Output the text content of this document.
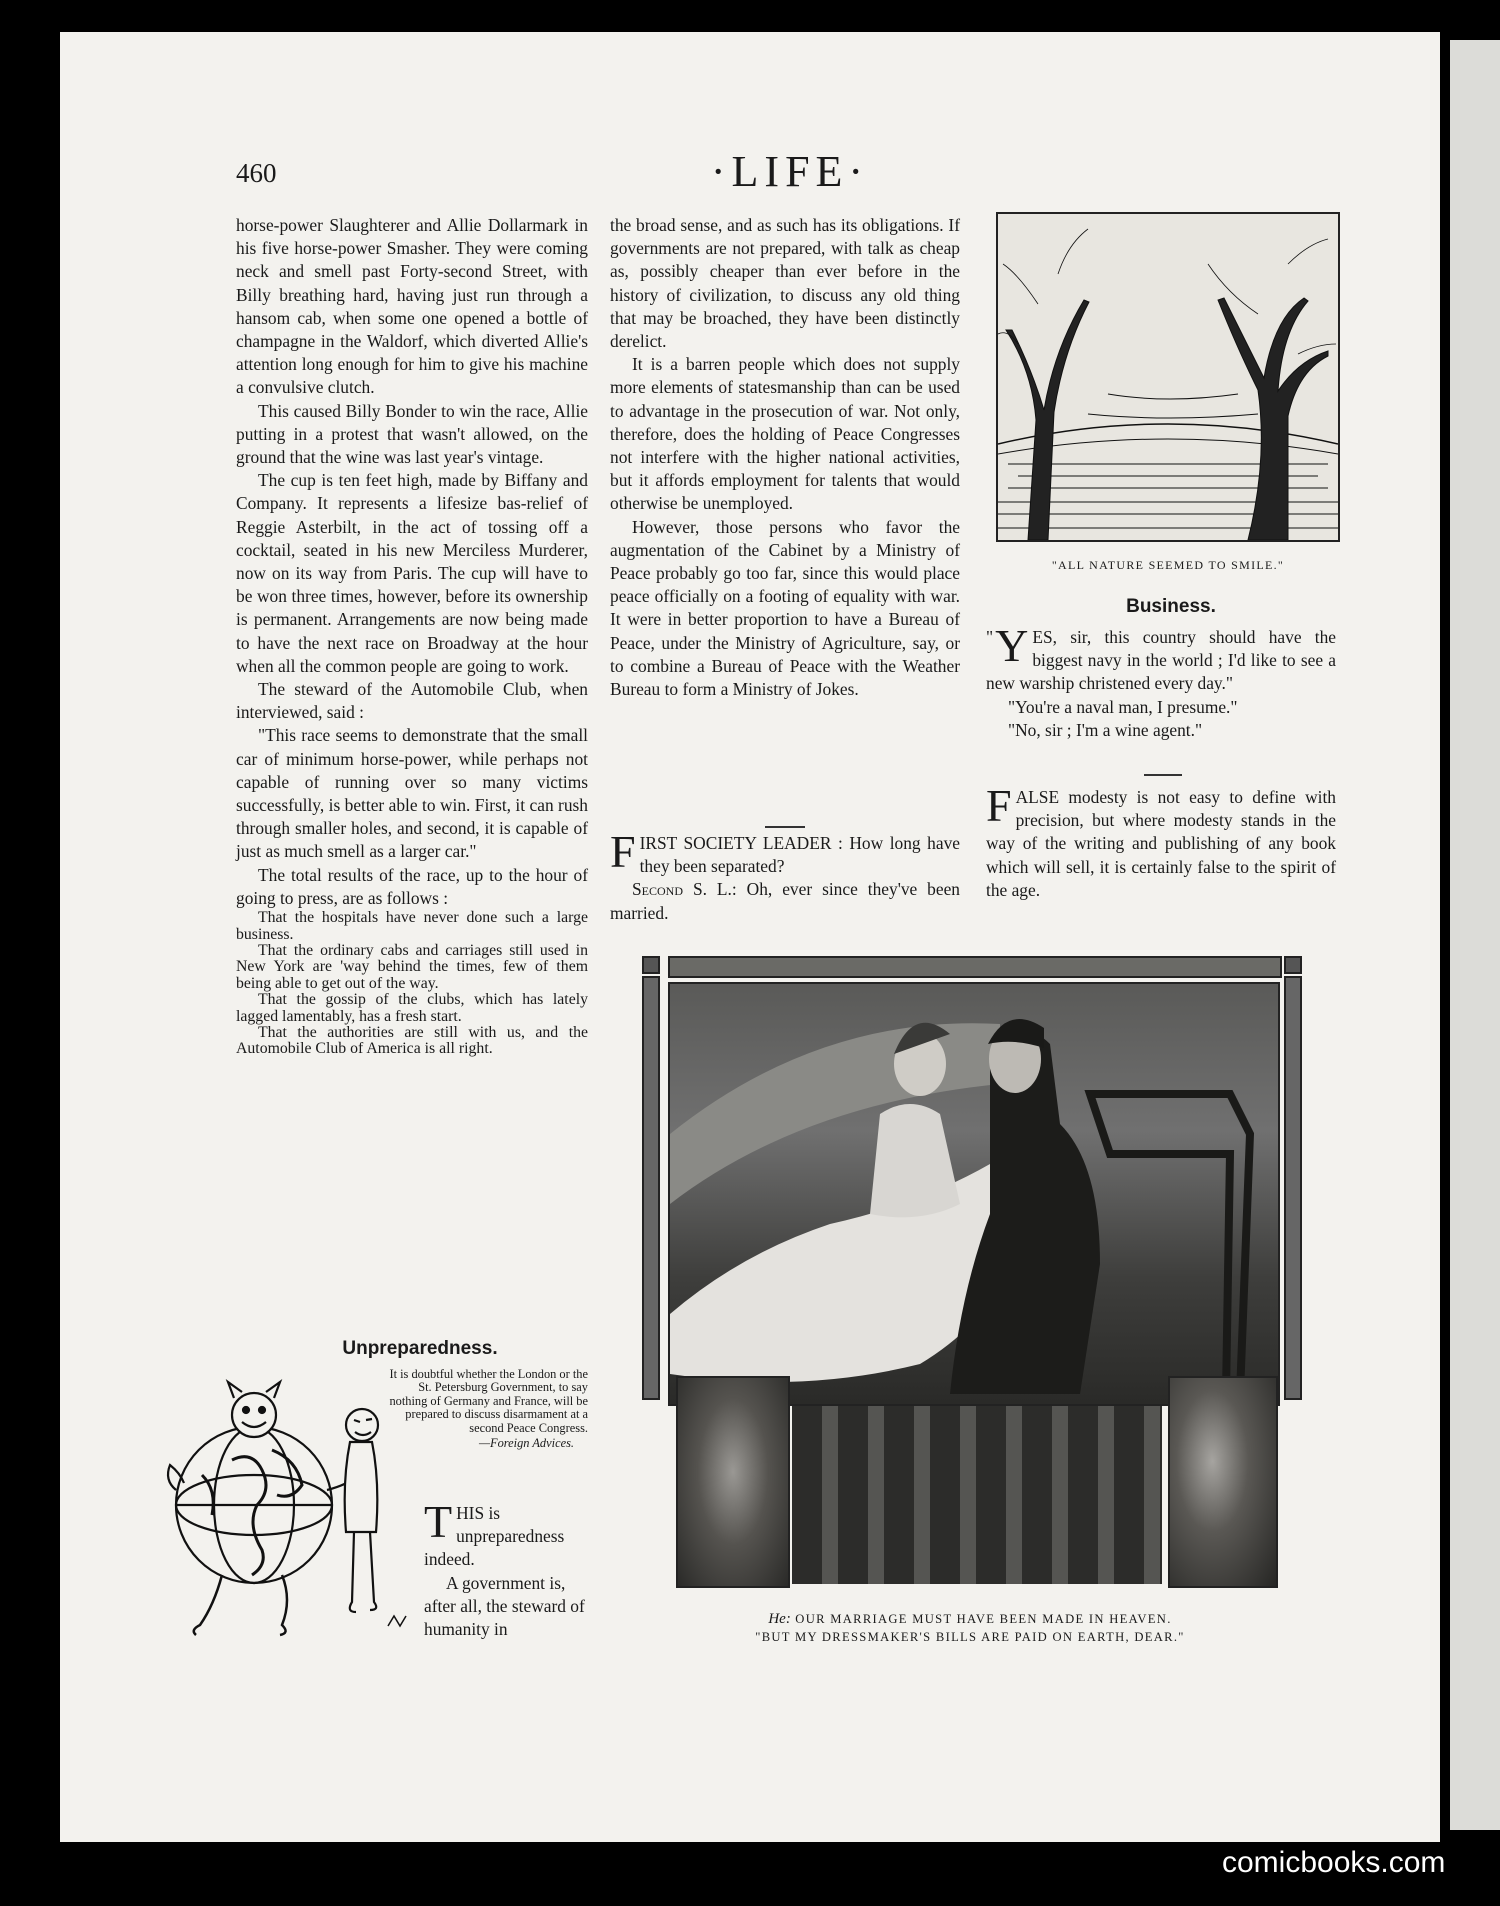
460	·LIFE·

horse-power Slaughterer and Allie Dollarmark in his five horse-power Smasher. They were coming neck and smell past Forty-second Street, with Billy breathing hard, having just run through a hansom cab, when some one opened a bottle of champagne in the Waldorf, which diverted Allie's attention long enough for him to give his machine a convulsive clutch.

This caused Billy Bonder to win the race, Allie putting in a protest that wasn't allowed, on the ground that the wine was last year's vintage.

The cup is ten feet high, made by Biffany and Company. It represents a lifesize bas-relief of Reggie Asterbilt, in the act of tossing off a cocktail, seated in his new Merciless Murderer, now on its way from Paris. The cup will have to be won three times, however, before its ownership is permanent. Arrangements are now being made to have the next race on Broadway at the hour when all the common people are going to work.

The steward of the Automobile Club, when interviewed, said :

"This race seems to demonstrate that the small car of minimum horse-power, while perhaps not capable of running over so many victims successfully, is better able to win. First, it can rush through smaller holes, and second, it is capable of just as much smell as a larger car."

The total results of the race, up to the hour of going to press, are as follows :

That the hospitals have never done such a large business.

That the ordinary cabs and carriages still used in New York are 'way behind the times, few of them being able to get out of the way.

That the gossip of the clubs, which has lately lagged lamentably, has a fresh start.

That the authorities are still with us, and the Automobile Club of America is all right.

Unpreparedness.
It is doubtful whether the London or the St. Petersburg Government, to say nothing of Germany and France, will be prepared to discuss disarmament at a second Peace Congress.
—Foreign Advices.
T HIS is unpreparedness indeed.
A government is, after all, the steward of humanity in

the broad sense, and as such has its obligations. If governments are not prepared, with talk as cheap as, possibly cheaper than ever before in the history of civilization, to discuss any old thing that may be broached, they have been distinctly derelict.

It is a barren people which does not supply more elements of statesmanship than can be used to advantage in the prosecution of war. Not only, therefore, does the holding of Peace Congresses not interfere with the higher national activities, but it affords employment for talents that would otherwise be unemployed.

However, those persons who favor the augmentation of the Cabinet by a Ministry of Peace probably go too far, since this would place peace officially on a footing of equality with war. It were in better proportion to have a Bureau of Peace, under the Ministry of Agriculture, say, or to combine a Bureau of Peace with the Weather Bureau to form a Ministry of Jokes.

F IRST SOCIETY LEADER : How long have they been separated?

Second S. L.: Oh, ever since they've been married.

"ALL NATURE SEEMED TO SMILE."
Business.
" Y ES, sir, this country should have the biggest navy in the world ; I'd like to see a new warship christened every day."

"You're a naval man, I presume."

"No, sir ; I'm a wine agent."

F ALSE modesty is not easy to define with precision, but where modesty stands in the way of the writing and publishing of any book which will sell, it is certainly false to the spirit of the age.
He: OUR MARRIAGE MUST HAVE BEEN MADE IN HEAVEN.
"BUT MY DRESSMAKER'S BILLS ARE PAID ON EARTH, DEAR."
comicbooks.com
